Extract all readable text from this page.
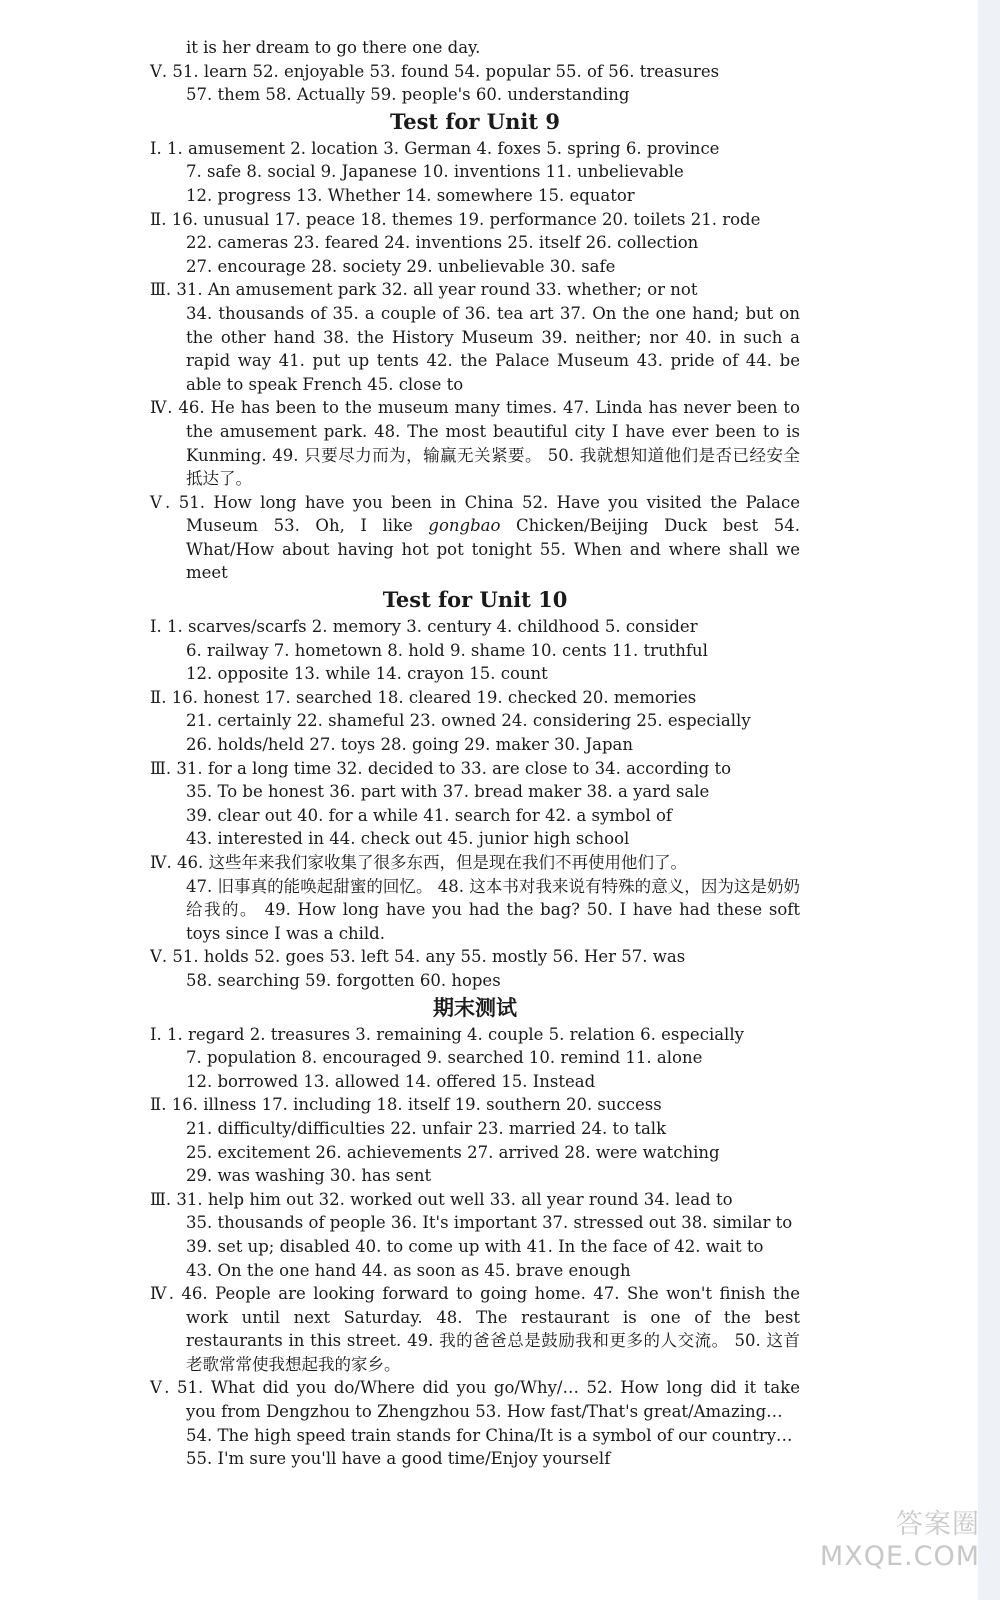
it is her dream to go there one day.

Ⅴ. 51. learn 52. enjoyable 53. found 54. popular 55. of 56. treasures

57. them 58. Actually 59. people's 60. understanding

Test for Unit 9

Ⅰ. 1. amusement 2. location 3. German 4. foxes 5. spring 6. province

7. safe 8. social 9. Japanese 10. inventions 11. unbelievable

12. progress 13. Whether 14. somewhere 15. equator

Ⅱ. 16. unusual 17. peace 18. themes 19. performance 20. toilets 21. rode

22. cameras 23. feared 24. inventions 25. itself 26. collection

27. encourage 28. society 29. unbelievable 30. safe

Ⅲ. 31. An amusement park 32. all year round 33. whether; or not

34. thousands of 35. a couple of 36. tea art 37. On the one hand; but on the other hand 38. the History Museum 39. neither; nor 40. in such a rapid way 41. put up tents 42. the Palace Museum 43. pride of 44. be able to speak French 45. close to

Ⅳ. 46. He has been to the museum many times. 47. Linda has never been to the amusement park. 48. The most beautiful city I have ever been to is Kunming. 49. 只要尽力而为，输赢无关紧要。 50. 我就想知道他们是否已经安全抵达了。

Ⅴ. 51. How long have you been in China 52. Have you visited the Palace Museum 53. Oh, I like gongbao Chicken/Beijing Duck best 54. What/How about having hot pot tonight 55. When and where shall we meet

Test for Unit 10

Ⅰ. 1. scarves/scarfs 2. memory 3. century 4. childhood 5. consider

6. railway 7. hometown 8. hold 9. shame 10. cents 11. truthful

12. opposite 13. while 14. crayon 15. count

Ⅱ. 16. honest 17. searched 18. cleared 19. checked 20. memories

21. certainly 22. shameful 23. owned 24. considering 25. especially

26. holds/held 27. toys 28. going 29. maker 30. Japan

Ⅲ. 31. for a long time 32. decided to 33. are close to 34. according to

35. To be honest 36. part with 37. bread maker 38. a yard sale

39. clear out 40. for a while 41. search for 42. a symbol of

43. interested in 44. check out 45. junior high school

Ⅳ. 46. 这些年来我们家收集了很多东西，但是现在我们不再使用他们了。

47. 旧事真的能唤起甜蜜的回忆。 48. 这本书对我来说有特殊的意义，因为这是奶奶给我的。 49. How long have you had the bag? 50. I have had these soft toys since I was a child.

Ⅴ. 51. holds 52. goes 53. left 54. any 55. mostly 56. Her 57. was

58. searching 59. forgotten 60. hopes

期末测试

Ⅰ. 1. regard 2. treasures 3. remaining 4. couple 5. relation 6. especially

7. population 8. encouraged 9. searched 10. remind 11. alone

12. borrowed 13. allowed 14. offered 15. Instead

Ⅱ. 16. illness 17. including 18. itself 19. southern 20. success

21. difficulty/difficulties 22. unfair 23. married 24. to talk

25. excitement 26. achievements 27. arrived 28. were watching

29. was washing 30. has sent

Ⅲ. 31. help him out 32. worked out well 33. all year round 34. lead to

35. thousands of people 36. It's important 37. stressed out 38. similar to

39. set up; disabled 40. to come up with 41. In the face of 42. wait to

43. On the one hand 44. as soon as 45. brave enough

Ⅳ. 46. People are looking forward to going home. 47. She won't finish the work until next Saturday. 48. The restaurant is one of the best restaurants in this street. 49. 我的爸爸总是鼓励我和更多的人交流。 50. 这首老歌常常使我想起我的家乡。

Ⅴ. 51. What did you do/Where did you go/Why/… 52. How long did it take you from Dengzhou to Zhengzhou 53. How fast/That's great/Amazing…

54. The high speed train stands for China/It is a symbol of our country…

55. I'm sure you'll have a good time/Enjoy yourself

答案圈
MXQE.COM
